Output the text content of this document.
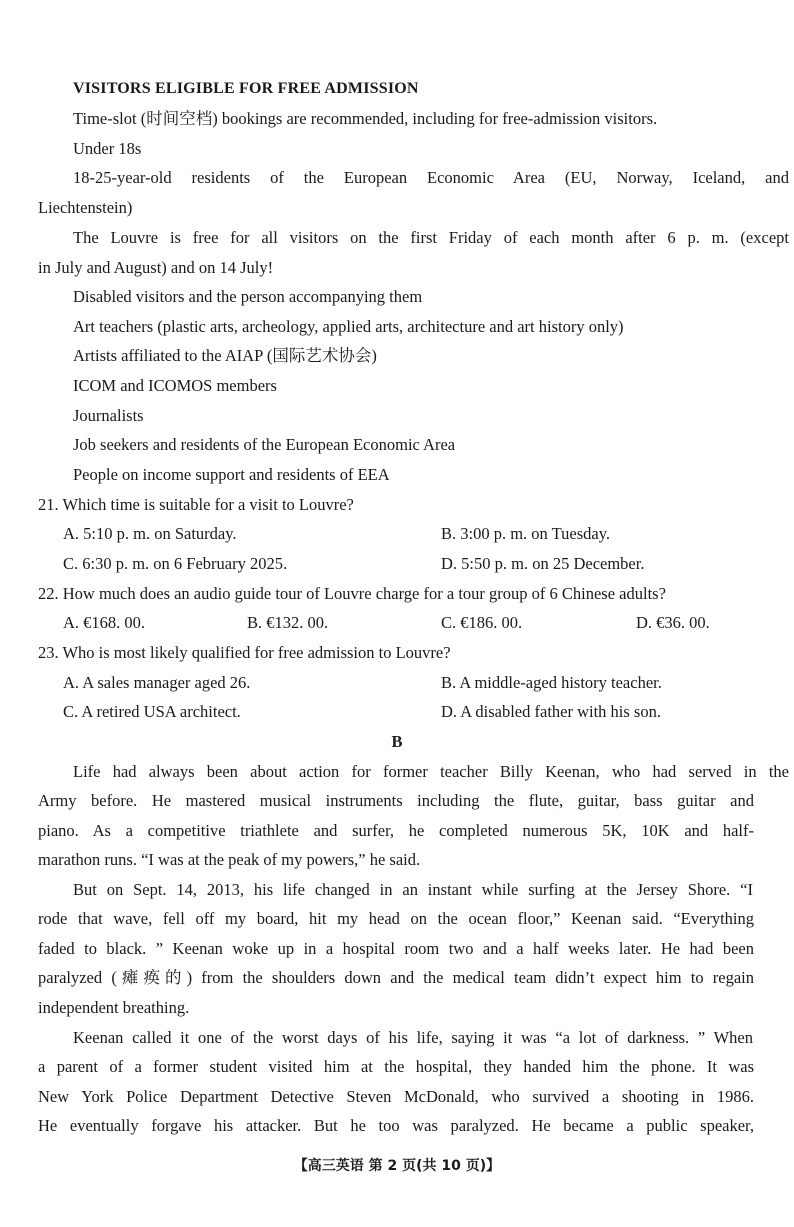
VISITORS ELIGIBLE FOR FREE ADMISSION
Time-slot (时间空档) bookings are recommended, including for free-admission visitors.
Under 18s
18-25-year-old residents of the European Economic Area (EU, Norway, Iceland, and
Liechtenstein)
The Louvre is free for all visitors on the first Friday of each month after 6 p. m. (except
in July and August) and on 14 July!
Disabled visitors and the person accompanying them
Art teachers (plastic arts, archeology, applied arts, architecture and art history only)
Artists affiliated to the AIAP (国际艺术协会)
ICOM and ICOMOS members
Journalists
Job seekers and residents of the European Economic Area
People on income support and residents of EEA
21. Which time is suitable for a visit to Louvre?
A. 5:10 p. m. on Saturday.	B. 3:00 p. m. on Tuesday.
C. 6:30 p. m. on 6 February 2025.	D. 5:50 p. m. on 25 December.
22. How much does an audio guide tour of Louvre charge for a tour group of 6 Chinese adults?
A. €168. 00.	B. €132. 00.	C. €186. 00.	D. €36. 00.
23. Who is most likely qualified for free admission to Louvre?
A. A sales manager aged 26.	B. A middle-aged history teacher.
C. A retired USA architect.	D. A disabled father with his son.
B
Life had always been about action for former teacher Billy Keenan, who had served in the
Army before. He mastered musical instruments including the flute, guitar, bass guitar and
piano. As a competitive triathlete and surfer, he completed numerous 5K, 10K and half-
marathon runs. “I was at the peak of my powers,” he said.
But on Sept. 14, 2013, his life changed in an instant while surfing at the Jersey Shore. “I
rode that wave, fell off my board, hit my head on the ocean floor,” Keenan said. “Everything
faded to black. ” Keenan woke up in a hospital room two and a half weeks later. He had been
paralyzed (瘫痪的) from the shoulders down and the medical team didn’t expect him to regain
independent breathing.
Keenan called it one of the worst days of his life, saying it was “a lot of darkness. ” When
a parent of a former student visited him at the hospital, they handed him the phone. It was
New York Police Department Detective Steven McDonald, who survived a shooting in 1986.
He eventually forgave his attacker. But he too was paralyzed. He became a public speaker,
【高三英语 第 2 页(共 10 页)】
